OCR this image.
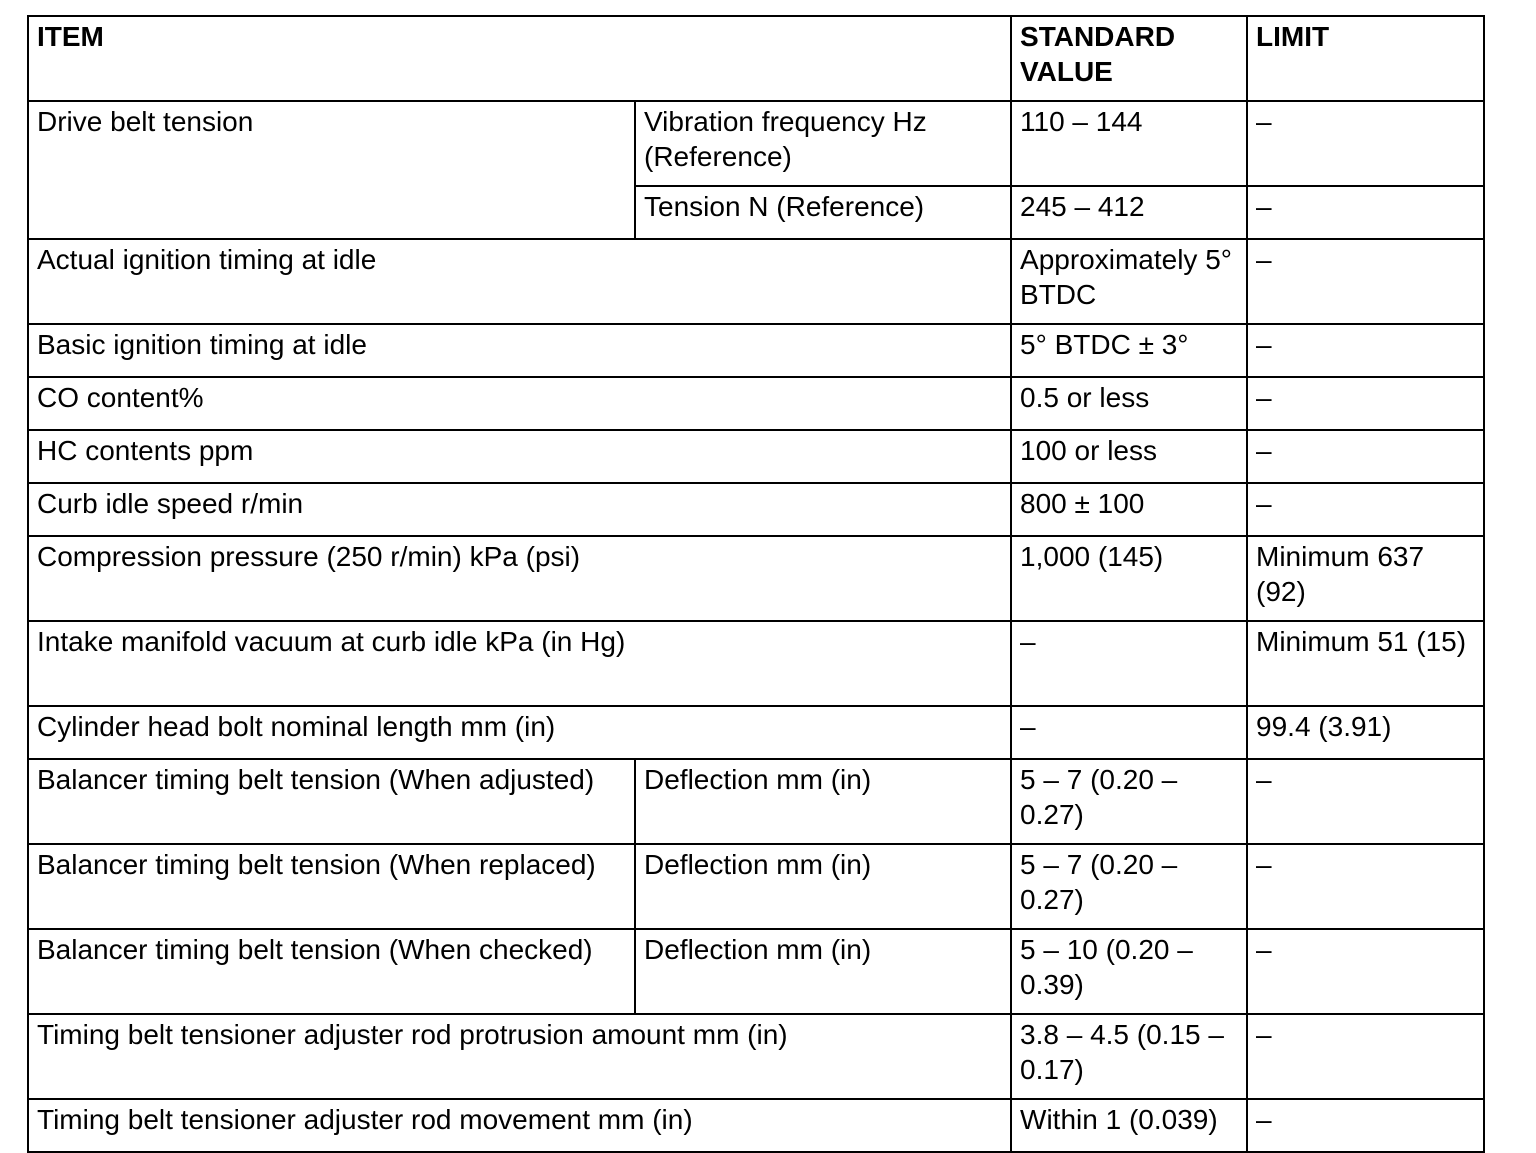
ITEM		STANDARD VALUE	LIMIT
Drive belt tension	Vibration frequency Hz (Reference)	110 – 144	–
	Tension N (Reference)	245 – 412	–
Actual ignition timing at idle		Approximately 5° BTDC	–
Basic ignition timing at idle		5° BTDC ± 3°	–
CO content%		0.5 or less	–
HC contents ppm		100 or less	–
Curb idle speed r/min		800 ± 100	–
Compression pressure (250 r/min) kPa (psi)		1,000 (145)	Minimum 637 (92)
Intake manifold vacuum at curb idle kPa (in Hg)		–	Minimum 51 (15)
Cylinder head bolt nominal length mm (in)		–	99.4 (3.91)
Balancer timing belt tension (When adjusted)	Deflection mm (in)	5 – 7 (0.20 – 0.27)	–
Balancer timing belt tension (When replaced)	Deflection mm (in)	5 – 7 (0.20 – 0.27)	–
Balancer timing belt tension (When checked)	Deflection mm (in)	5 – 10 (0.20 – 0.39)	–
Timing belt tensioner adjuster rod protrusion amount mm (in)		3.8 – 4.5 (0.15 – 0.17)	–
Timing belt tensioner adjuster rod movement mm (in)		Within 1 (0.039)	–
